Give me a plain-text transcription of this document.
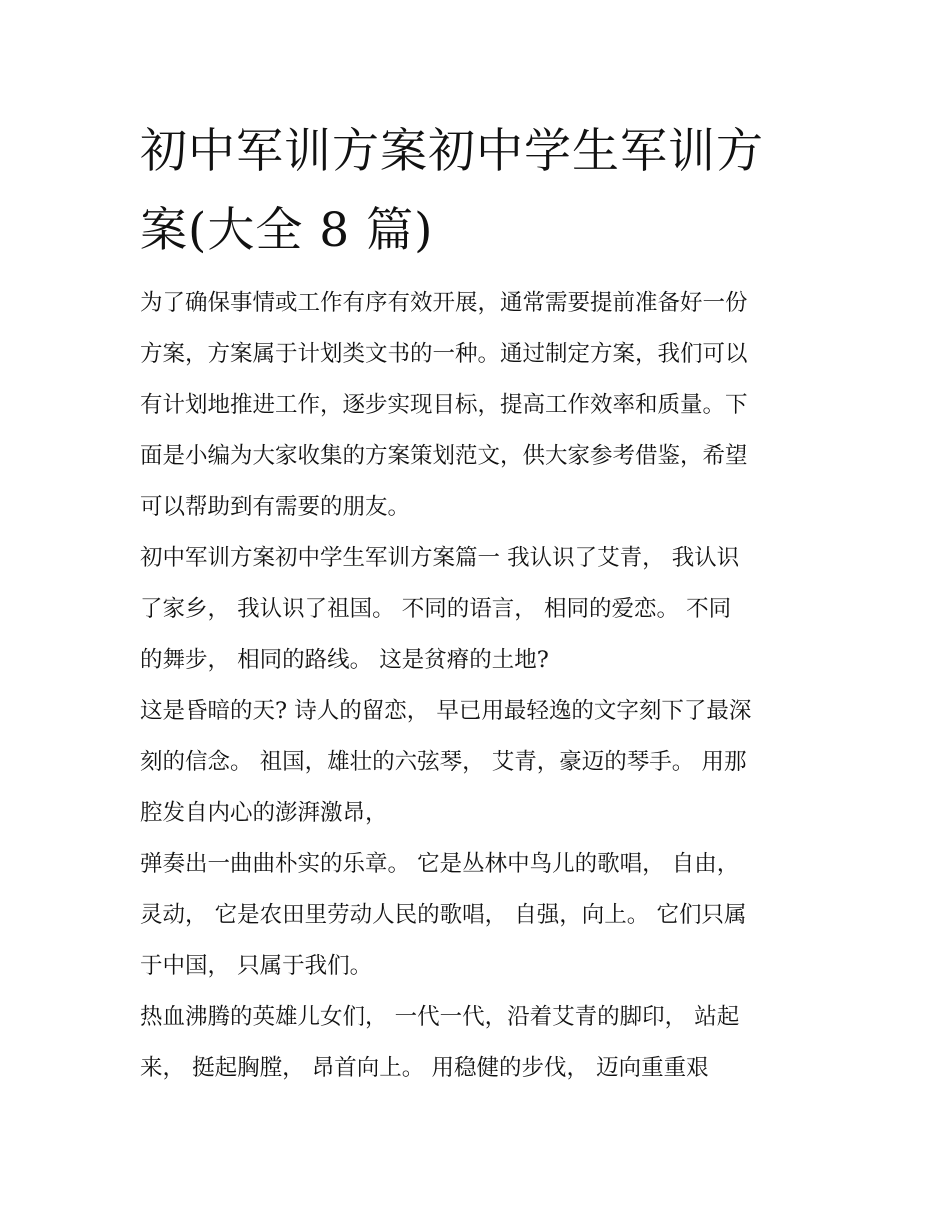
初中军训方案初中学生军训方
案(大全 8 篇)
为了确保事情或工作有序有效开展，通常需要提前准备好一份
方案，方案属于计划类文书的一种。通过制定方案，我们可以
有计划地推进工作，逐步实现目标，提高工作效率和质量。下
面是小编为大家收集的方案策划范文，供大家参考借鉴，希望
可以帮助到有需要的朋友。
初中军训方案初中学生军训方案篇一 我认识了艾青， 我认识
了家乡， 我认识了祖国。 不同的语言， 相同的爱恋。 不同
的舞步， 相同的路线。 这是贫瘠的土地?
这是昏暗的天? 诗人的留恋， 早已用最轻逸的文字刻下了最深
刻的信念。 祖国，雄壮的六弦琴， 艾青，豪迈的琴手。 用那
腔发自内心的澎湃激昂，
弹奏出一曲曲朴实的乐章。 它是丛林中鸟儿的歌唱， 自由，
灵动， 它是农田里劳动人民的歌唱， 自强，向上。 它们只属
于中国， 只属于我们。
热血沸腾的英雄儿女们， 一代一代，沿着艾青的脚印， 站起
来， 挺起胸膛， 昂首向上。 用稳健的步伐， 迈向重重艰
